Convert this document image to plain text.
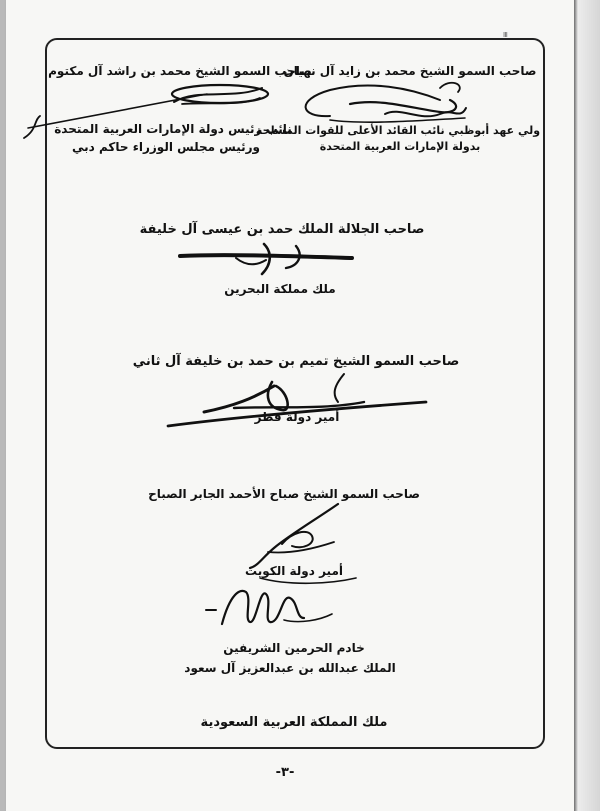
Ⅲ
صاحب السمو الشيخ محمد بن زايد آل نهيان
ولي عهد أبوظبي نائب القائد الأعلى للقوات المسلحة
بدولة الإمارات العربية المتحدة
صاحب السمو الشيخ محمد بن راشد آل مكتوم
نائب رئيس دولة الإمارات العربية المتحدة
ورئيس مجلس الوزراء حاكم دبي
صاحب الجلالة الملك حمد بن عيسى آل خليفة
ملك مملكة البحرين
صاحب السمو الشيخ تميم بن حمد بن خليفة آل ثاني
أمير دولة قطر
صاحب السمو الشيخ صباح الأحمد الجابر الصباح
أمير دولة الكويت
خادم الحرمين الشريفين
الملك عبدالله بن عبدالعزيز آل سعود
ملك المملكة العربية السعودية
-٣-
